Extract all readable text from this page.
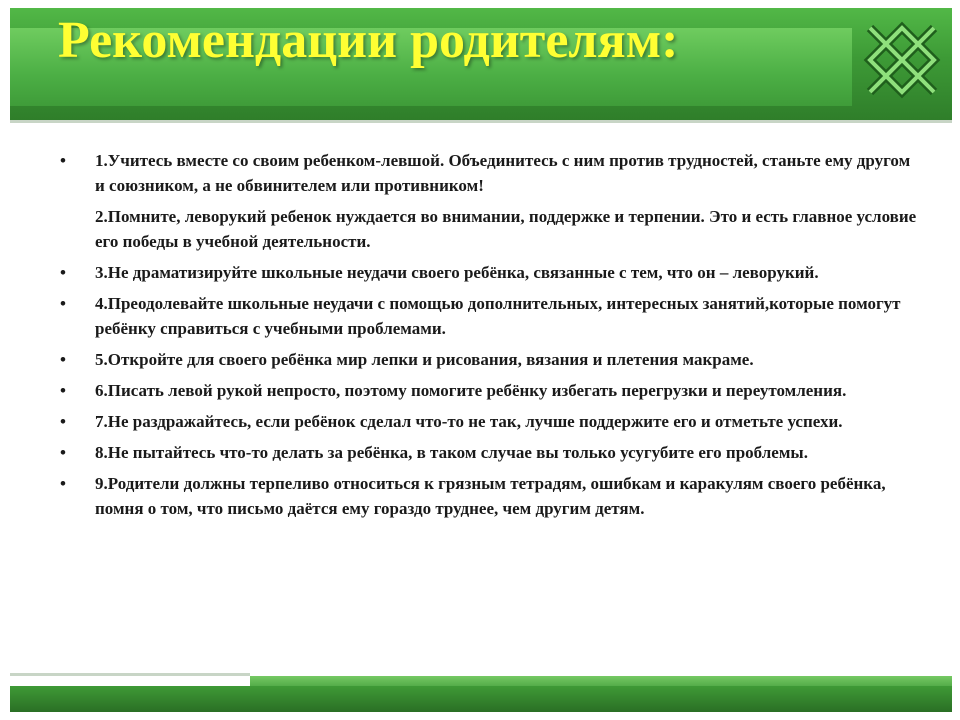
Рекомендации родителям:
• 1.Учитесь вместе со своим ребенком-левшой. Объединитесь с ним против трудностей, станьте ему другом и союзником, а не обвинителем или противником!
2.Помните, леворукий ребенок нуждается во внимании, поддержке и терпении. Это и есть главное условие его победы в учебной деятельности.
• 3.Не драматизируйте школьные неудачи своего ребёнка, связанные с тем, что он – леворукий.
• 4.Преодолевайте школьные неудачи с помощью дополнительных, интересных занятий,которые помогут ребёнку справиться с учебными проблемами.
• 5.Откройте для своего ребёнка мир лепки и рисования, вязания и плетения макраме.
• 6.Писать левой рукой непросто, поэтому помогите ребёнку избегать перегрузки и переутомления.
• 7.Не раздражайтесь, если ребёнок сделал что-то не так, лучше поддержите его и отметьте успехи.
• 8.Не пытайтесь что-то делать за ребёнка, в таком случае вы только усугубите его проблемы.
• 9.Родители должны терпеливо относиться к грязным тетрадям, ошибкам и каракулям своего ребёнка, помня о том, что письмо даётся ему гораздо труднее, чем другим детям.
